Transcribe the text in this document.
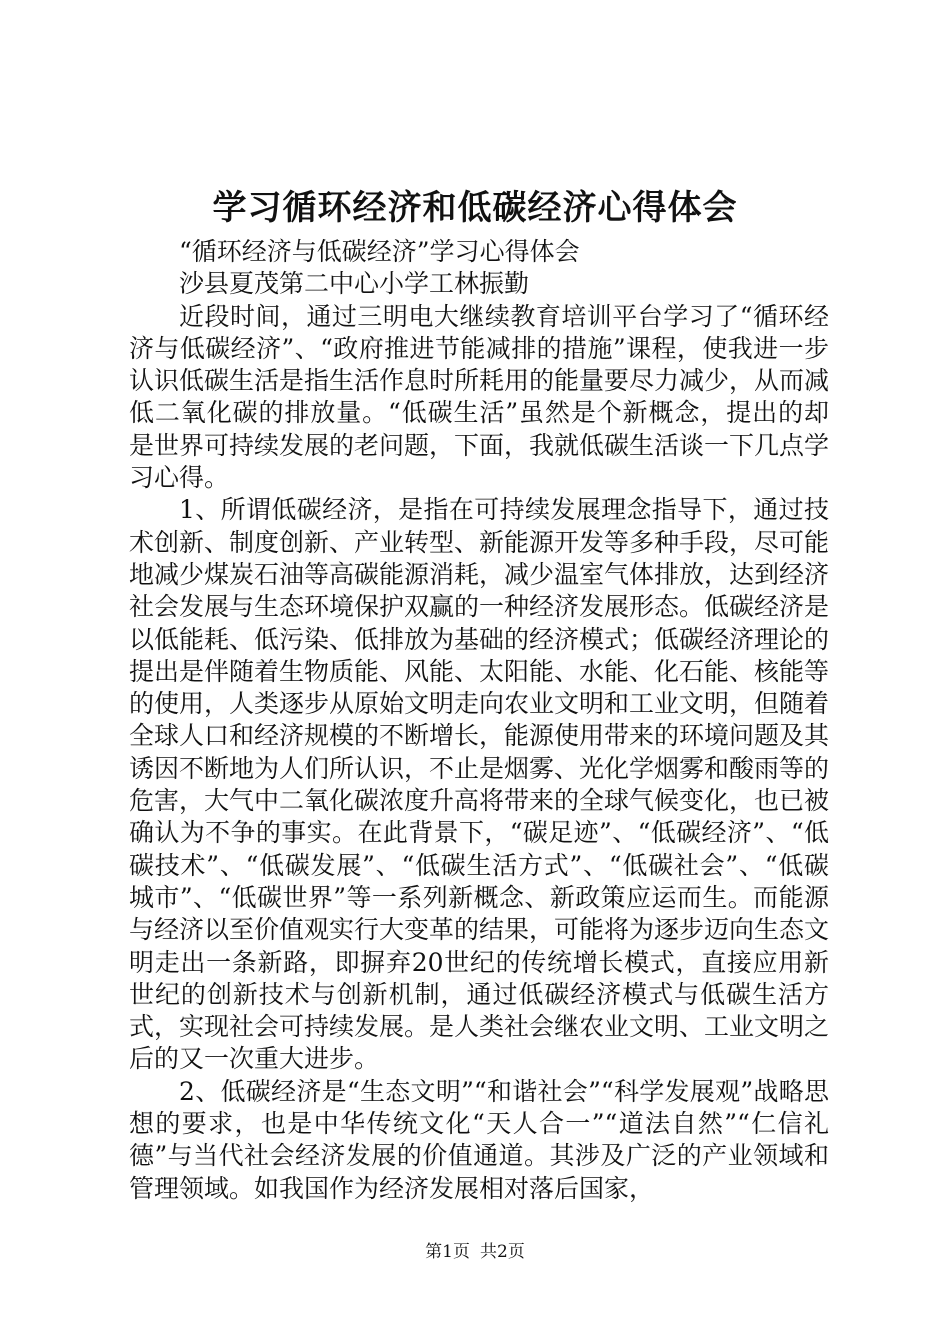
学习循环经济和低碳经济心得体会

“循环经济与低碳经济”学习心得体会

沙县夏茂第二中心小学工林振勤

近段时间，通过三明电大继续教育培训平台学习了“循环经济与低碳经济”、“政府推进节能减排的措施”课程，使我进一步认识低碳生活是指生活作息时所耗用的能量要尽力减少，从而减低二氧化碳的排放量。“低碳生活”虽然是个新概念，提出的却是世界可持续发展的老问题，下面，我就低碳生活谈一下几点学习心得。

1、所谓低碳经济，是指在可持续发展理念指导下，通过技术创新、制度创新、产业转型、新能源开发等多种手段，尽可能地减少煤炭石油等高碳能源消耗，减少温室气体排放，达到经济社会发展与生态环境保护双赢的一种经济发展形态。低碳经济是以低能耗、低污染、低排放为基础的经济模式；低碳经济理论的提出是伴随着生物质能、风能、太阳能、水能、化石能、核能等的使用，人类逐步从原始文明走向农业文明和工业文明，但随着全球人口和经济规模的不断增长，能源使用带来的环境问题及其诱因不断地为人们所认识，不止是烟雾、光化学烟雾和酸雨等的危害，大气中二氧化碳浓度升高将带来的全球气候变化，也已被确认为不争的事实。在此背景下，“碳足迹”、“低碳经济”、“低碳技术”、“低碳发展”、“低碳生活方式”、“低碳社会”、“低碳城市”、“低碳世界”等一系列新概念、新政策应运而生。而能源与经济以至价值观实行大变革的结果，可能将为逐步迈向生态文明走出一条新路，即摒弃20世纪的传统增长模式，直接应用新世纪的创新技术与创新机制，通过低碳经济模式与低碳生活方式，实现社会可持续发展。是人类社会继农业文明、工业文明之后的又一次重大进步。

2、低碳经济是“生态文明”“和谐社会”“科学发展观”战略思想的要求，也是中华传统文化“天人合一”“道法自然”“仁信礼德”与当代社会经济发展的价值通道。其涉及广泛的产业领域和管理领域。如我国作为经济发展相对落后国家，

第1页 共2页
